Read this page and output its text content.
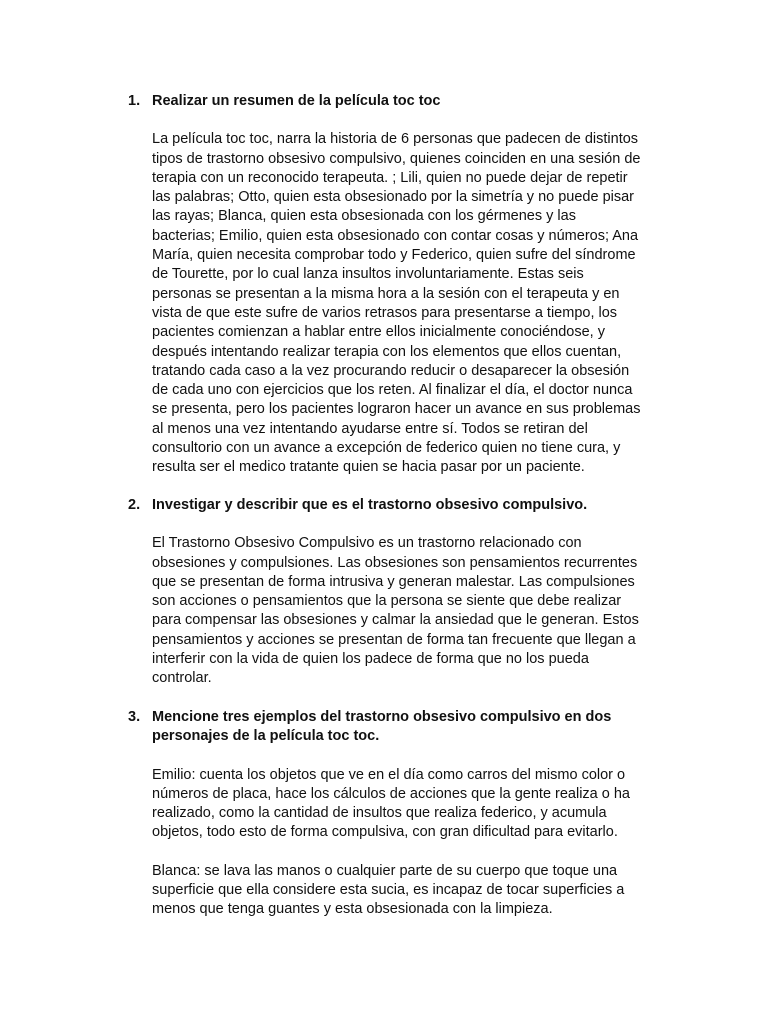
1. Realizar un resumen de la película toc toc
La película toc toc, narra la historia de 6 personas que padecen de distintos
tipos de trastorno obsesivo compulsivo, quienes coinciden en una sesión de
terapia con un reconocido terapeuta. ; Lili, quien no puede dejar de repetir
las palabras; Otto, quien esta obsesionado por la simetría y no puede pisar
las rayas; Blanca, quien esta obsesionada con los gérmenes y las
bacterias; Emilio, quien esta obsesionado con contar cosas y números; Ana
María, quien necesita comprobar todo y Federico, quien sufre del síndrome
de Tourette, por lo cual lanza insultos involuntariamente. Estas seis
personas se presentan a la misma hora a la sesión con el terapeuta y en
vista de que este sufre de varios retrasos para presentarse a tiempo, los
pacientes comienzan a hablar entre ellos inicialmente conociéndose, y
después intentando realizar terapia con los elementos que ellos cuentan,
tratando cada caso a la vez procurando reducir o desaparecer la obsesión
de cada uno con ejercicios que los reten. Al finalizar el día, el doctor nunca
se presenta, pero los pacientes lograron hacer un avance en sus problemas
al menos una vez intentando ayudarse entre sí. Todos se retiran del
consultorio con un avance a excepción de federico quien no tiene cura, y
resulta ser el medico tratante quien se hacia pasar por un paciente.
2. Investigar y describir que es el trastorno obsesivo compulsivo.
El Trastorno Obsesivo Compulsivo es un trastorno relacionado con
obsesiones y compulsiones. Las obsesiones son pensamientos recurrentes
que se presentan de forma intrusiva y generan malestar. Las compulsiones
son acciones o pensamientos que la persona se siente que debe realizar
para compensar las obsesiones y calmar la ansiedad que le generan. Estos
pensamientos y acciones se presentan de forma tan frecuente que llegan a
interferir con la vida de quien los padece de forma que no los pueda
controlar.
3. Mencione tres ejemplos del trastorno obsesivo compulsivo en dos
personajes de la película toc toc.
Emilio: cuenta los objetos que ve en el día como carros del mismo color o
números de placa, hace los cálculos de acciones que la gente realiza o ha
realizado, como la cantidad de insultos que realiza federico, y acumula
objetos, todo esto de forma compulsiva, con gran dificultad para evitarlo.
Blanca: se lava las manos o cualquier parte de su cuerpo que toque una
superficie que ella considere esta sucia, es incapaz de tocar superficies a
menos que tenga guantes y esta obsesionada con la limpieza.
